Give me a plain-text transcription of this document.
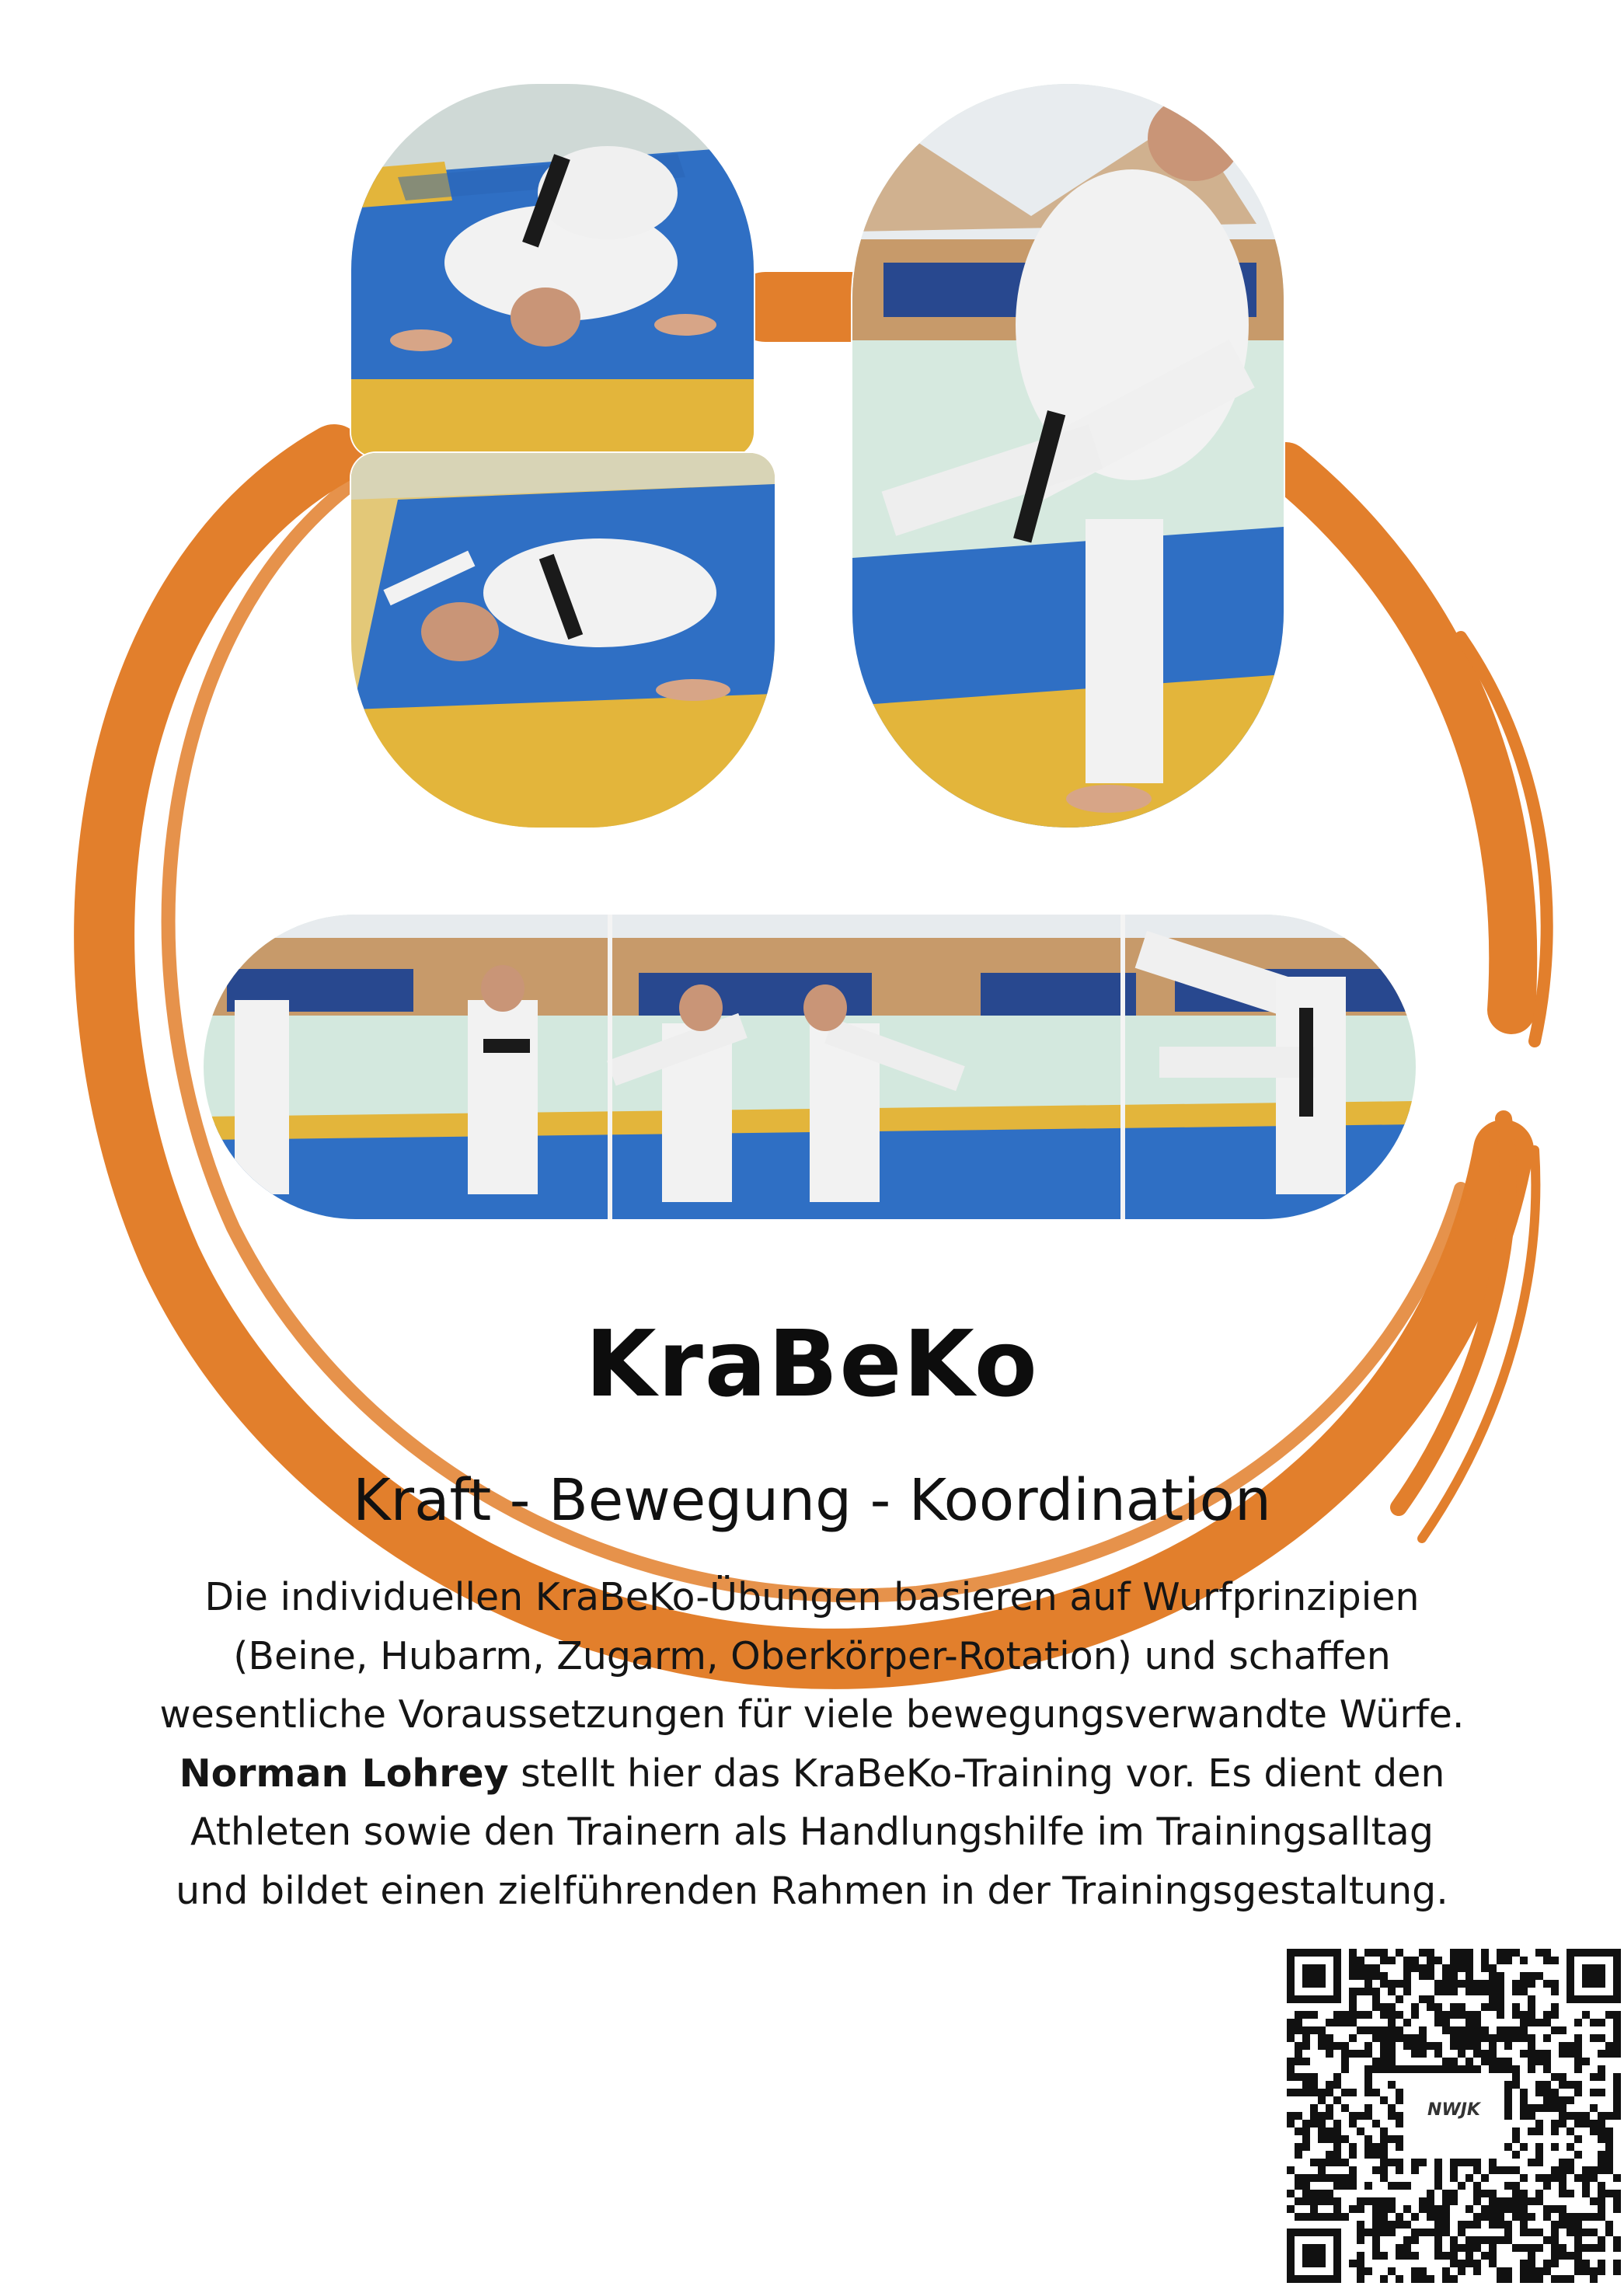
KraBeKo
Kraft - Bewegung - Koordination

Die individuellen KraBeKo-Übungen basieren auf Wurfprinzipien
(Beine, Hubarm, Zugarm, Oberkörper-Rotation) und schaffen
wesentliche Voraussetzungen für viele bewegungsverwandte Würfe.
Norman Lohrey stellt hier das KraBeKo-Training vor. Es dient den
Athleten sowie den Trainern als Handlungshilfe im Trainingsalltag
und bildet einen zielführenden Rahmen in der Trainingsgestaltung.

NWJK
